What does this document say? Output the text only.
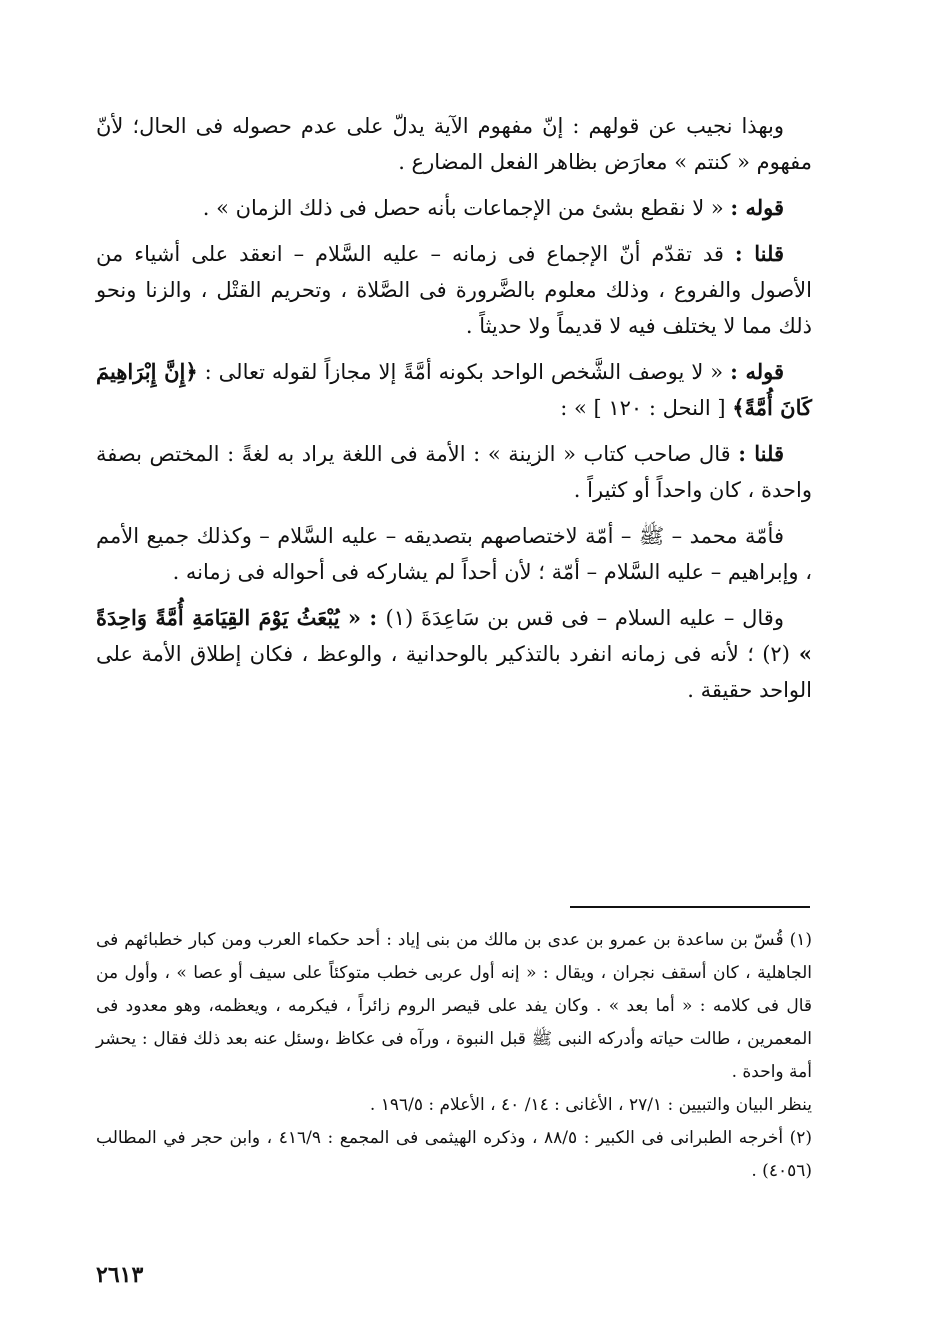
وبهذا نجيب عن قولهم : إنّ مفهوم الآية يدلّ على عدم حصوله فى الحال؛ لأنّ مفهوم « كنتم » معارَض بظاهر الفعل المضارع .

قوله : « لا نقطع بشئ من الإجماعات بأنه حصل فى ذلك الزمان » .

قلنا : قد تقدّم أنّ الإجماع فى زمانه – عليه السَّلام – انعقد على أشياء من الأصول والفروع ، وذلك معلوم بالضَّرورة فى الصَّلاة ، وتحريم القتْل ، والزنا ونحو ذلك مما لا يختلف فيه لا قديماً ولا حديثاً .

قوله : « لا يوصف الشَّخص الواحد بكونه أمَّةً إلا مجازاً لقوله تعالى : ﴿إِنَّ إِبْرَاهِيمَ كَانَ أُمَّةً﴾ [ النحل : ١٢٠ ] » :

قلنا : قال صاحب كتاب « الزينة » : الأمة فى اللغة يراد به لغةً : المختص بصفة واحدة ، كان واحداً أو كثيراً .

فأمّة محمد – ﷺ – أمّة لاختصاصهم بتصديقه – عليه السَّلام – وكذلك جميع الأمم ، وإبراهيم – عليه السَّلام – أمّة ؛ لأن أحداً لم يشاركه فى أحواله فى زمانه .

وقال – عليه السلام – فى قس بن سَاعِدَةَ (١) : « يُبْعَثُ يَوْمَ القِيَامَةِ أُمَّةً وَاحِدَةً » (٢) ؛ لأنه فى زمانه انفرد بالتذكير بالوحدانية ، والوعظ ، فكان إطلاق الأمة على الواحد حقيقة .

(١) قُسّ بن ساعدة بن عمرو بن عدى بن مالك من بنى إياد : أحد حكماء العرب ومن كبار خطبائهم فى الجاهلية ، كان أسقف نجران ، ويقال : « إنه أول عربى خطب متوكئاً على سيف أو عصا » ، وأول من قال فى كلامه : « أما بعد » . وكان يفد على قيصر الروم زائراً ، فيكرمه ، ويعظمه، وهو معدود فى المعمرين ، طالت حياته وأدركه النبى ﷺ قبل النبوة ، ورآه فى عكاظ ،وسئل عنه بعد ذلك فقال : يحشر أمة واحدة .

ينظر البيان والتبيين : ٢٧/١ ، الأغانى : ١٤/ ٤٠ ، الأعلام : ١٩٦/٥ .

(٢) أخرجه الطبرانى فى الكبير : ٨٨/٥ ، وذكره الهيثمى فى المجمع : ٤١٦/٩ ، وابن حجر في المطالب (٤٠٥٦) .

٢٦١٣
